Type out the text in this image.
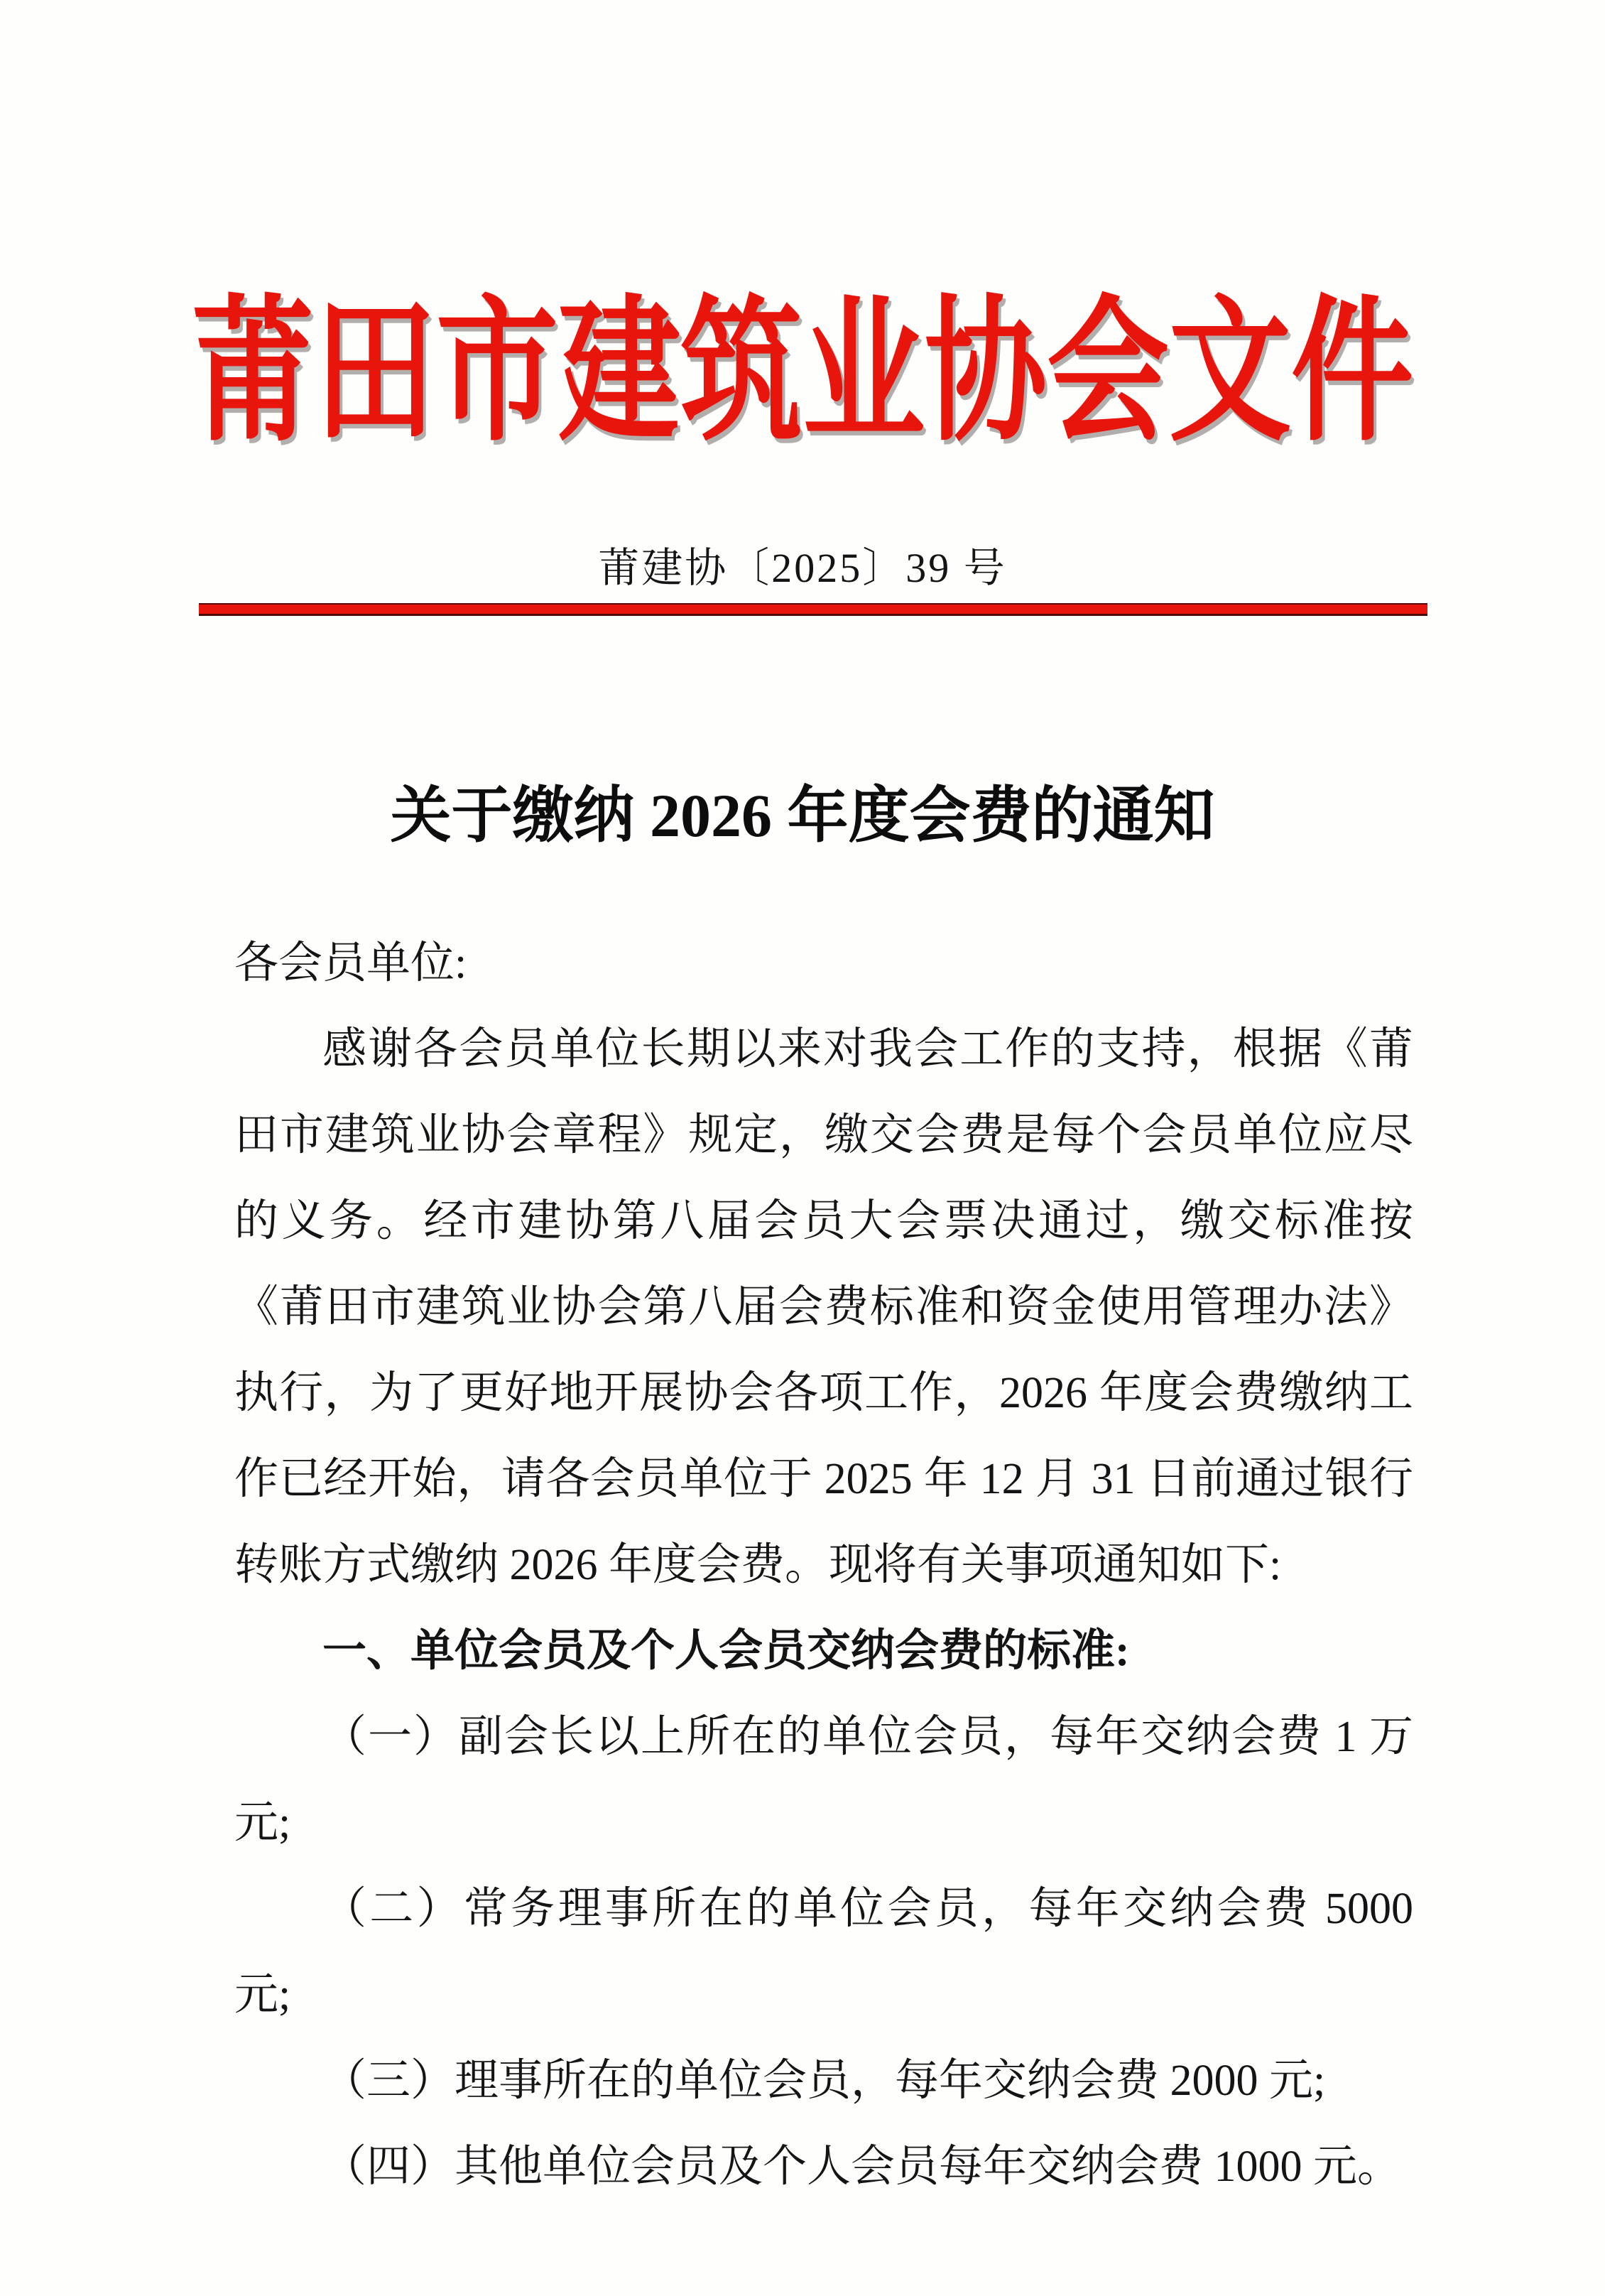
莆田市建筑业协会文件
莆建协〔2025〕39 号
关于缴纳 2026 年度会费的通知
各会员单位:
感谢各会员单位长期以来对我会工作的支持，根据《莆田市建筑业协会章程》规定，缴交会费是每个会员单位应尽的义务。经市建协第八届会员大会票决通过，缴交标准按《莆田市建筑业协会第八届会费标准和资金使用管理办法》执行，为了更好地开展协会各项工作，2026 年度会费缴纳工作已经开始，请各会员单位于 2025 年 12 月 31 日前通过银行转账方式缴纳 2026 年度会费。现将有关事项通知如下:
一、单位会员及个人会员交纳会费的标准:
（一）副会长以上所在的单位会员，每年交纳会费 1 万元;
（二）常务理事所在的单位会员，每年交纳会费 5000 元;
（三）理事所在的单位会员，每年交纳会费 2000 元;
（四）其他单位会员及个人会员每年交纳会费 1000 元。
